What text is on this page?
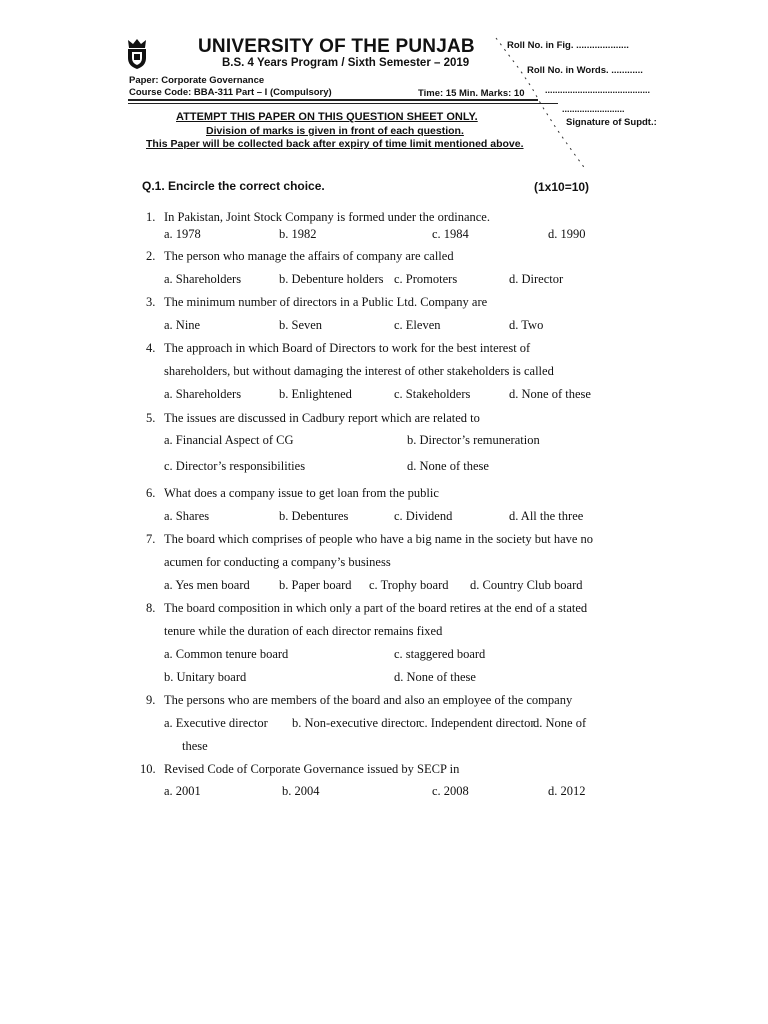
UNIVERSITY OF THE PUNJAB
B.S. 4 Years Program / Sixth Semester – 2019
Paper: Corporate Governance
Course Code: BBA-311 Part – I (Compulsory)	Time: 15 Min. Marks: 10
Roll No. in Fig. ....................
Roll No. in Words. ............
..........................................
.........................
Signature of Supdt.:
ATTEMPT THIS PAPER ON THIS QUESTION SHEET ONLY.
Division of marks is given in front of each question.
This Paper will be collected back after expiry of time limit mentioned above.
Q.1. Encircle the correct choice.	(1x10=10)
1. In Pakistan, Joint Stock Company is formed under the ordinance.
a. 1978	b. 1982	c. 1984	d. 1990
2. The person who manage the affairs of company are called
a. Shareholders	b. Debenture holders c. Promoters	d. Director
3. The minimum number of directors in a Public Ltd. Company are
a. Nine	b. Seven	c. Eleven	d. Two
4. The approach in which Board of Directors to work for the best interest of
shareholders, but without damaging the interest of other stakeholders is called
a. Shareholders	b. Enlightened	c. Stakeholders	d. None of these
5. The issues are discussed in Cadbury report which are related to
a. Financial Aspect of CG	b. Director’s remuneration
c. Director’s responsibilities	d. None of these
6. What does a company issue to get loan from the public
a. Shares	b. Debentures	c. Dividend	d. All the three
7. The board which comprises of people who have a big name in the society but have no
acumen for conducting a company’s business
a. Yes men board b. Paper board c. Trophy board d. Country Club board
8. The board composition in which only a part of the board retires at the end of a stated
tenure while the duration of each director remains fixed
a. Common tenure board	c. staggered board
b. Unitary board	d. None of these
9. The persons who are members of the board and also an employee of the company
a. Executive director b. Non-executive director
c. Independent director
d. None of
these
10. Revised Code of Corporate Governance issued by SECP in
a. 2001	b. 2004	c. 2008	d. 2012
